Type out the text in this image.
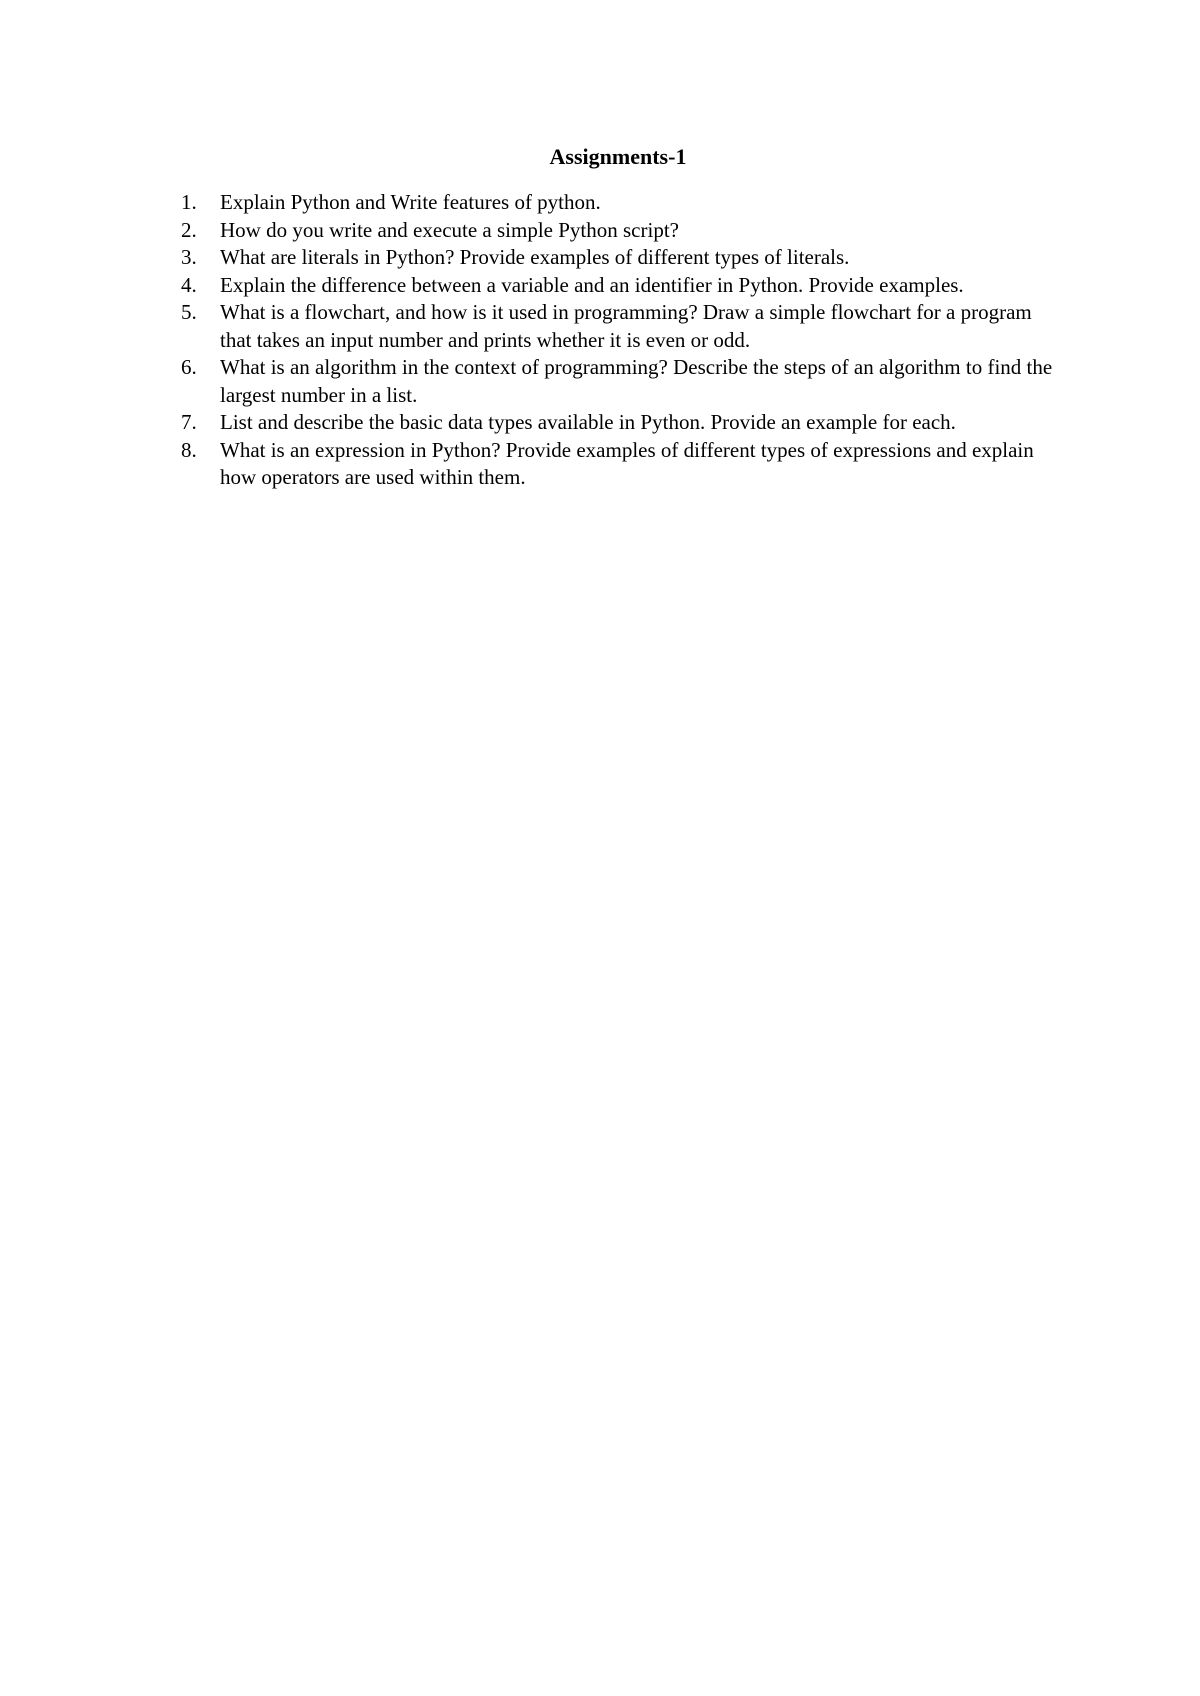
Assignments-1
1.	Explain Python and Write features of python.
2.	How do you write and execute a simple Python script?
3.	What are literals in Python? Provide examples of different types of literals.
4.	Explain the difference between a variable and an identifier in Python. Provide examples.
5.	What is a flowchart, and how is it used in programming? Draw a simple flowchart for a program that takes an input number and prints whether it is even or odd.
6.	What is an algorithm in the context of programming? Describe the steps of an algorithm to find the largest number in a list.
7.	List and describe the basic data types available in Python. Provide an example for each.
8.	What is an expression in Python? Provide examples of different types of expressions and explain how operators are used within them.
